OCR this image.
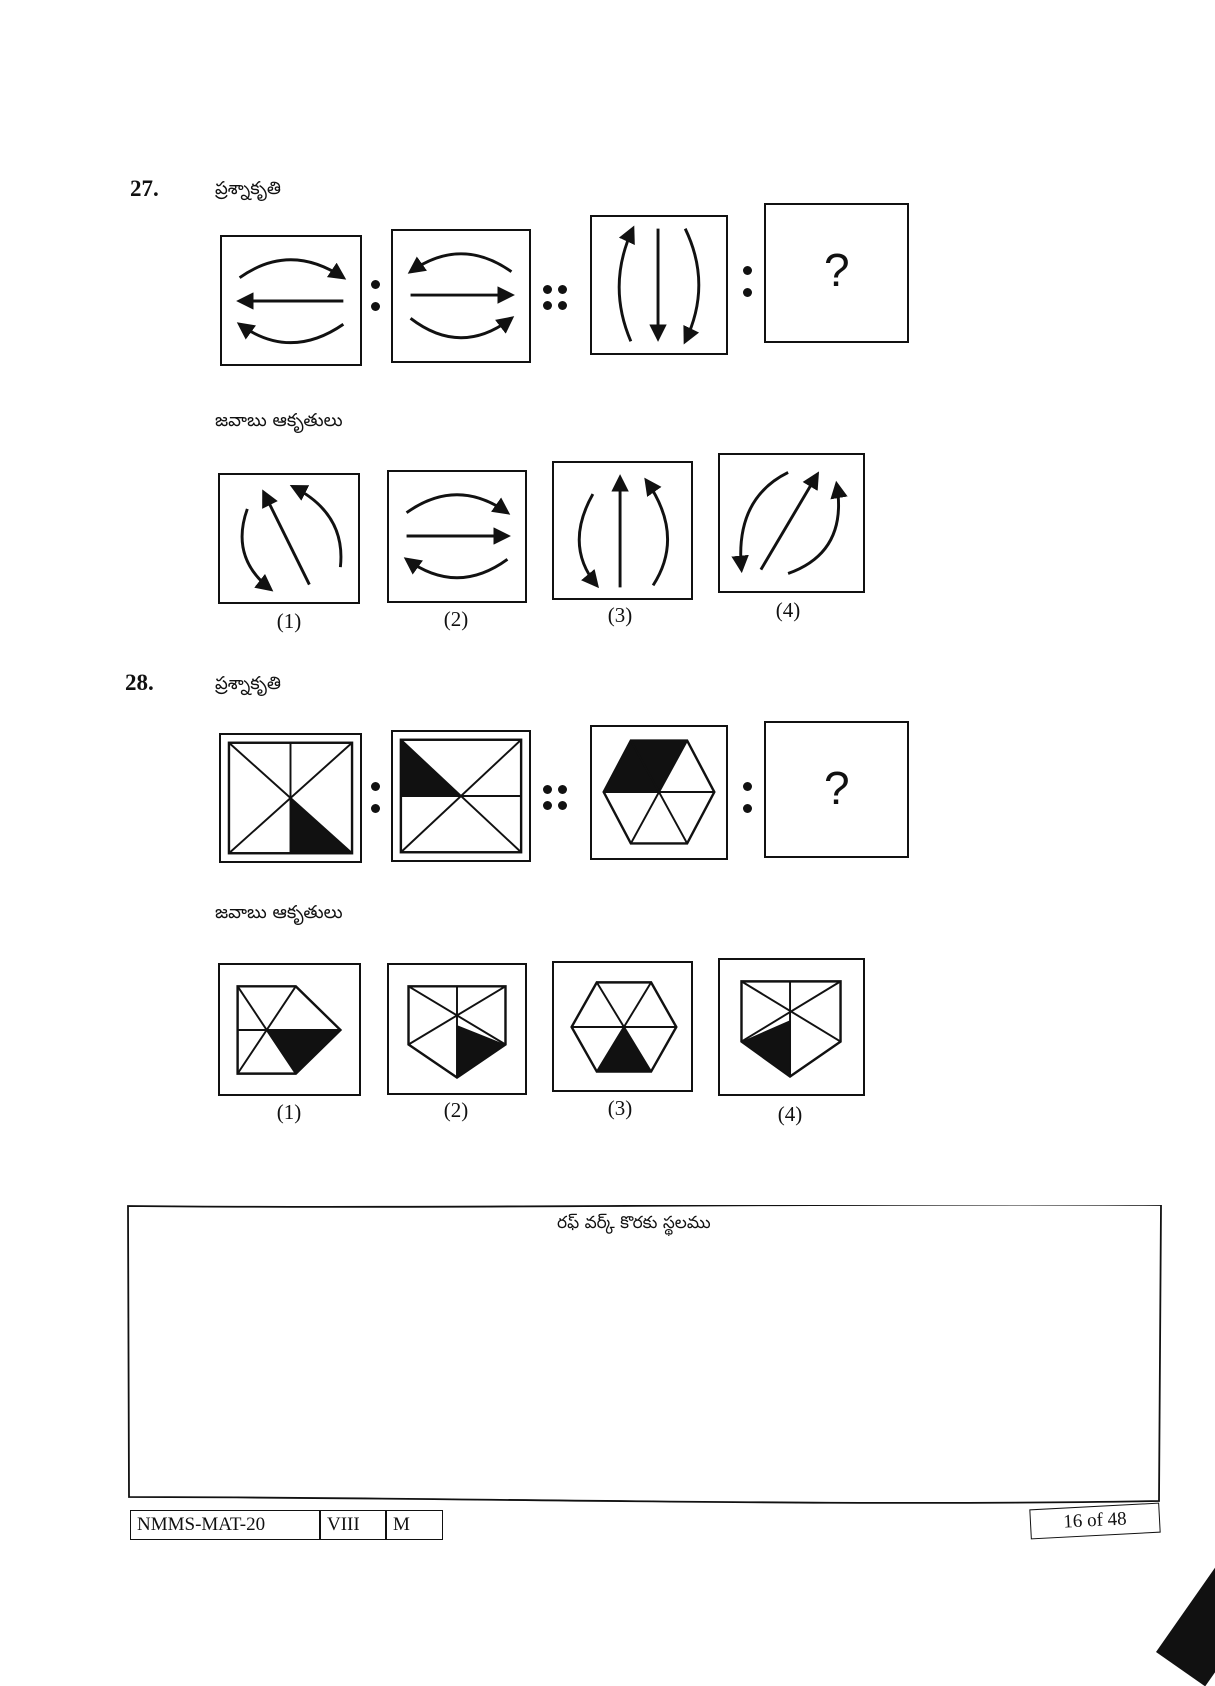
27.	ప్రశ్నాకృతి
?
జవాబు ఆకృతులు
(1)	(2)	(3)	(4)
28.	ప్రశ్నాకృతి
?
జవాబు ఆకృతులు
(1)	(2)	(3)	(4)
రఫ్ వర్క్ కొరకు స్థలము
NMMS-MAT-20	VIII	M	16 of 48
